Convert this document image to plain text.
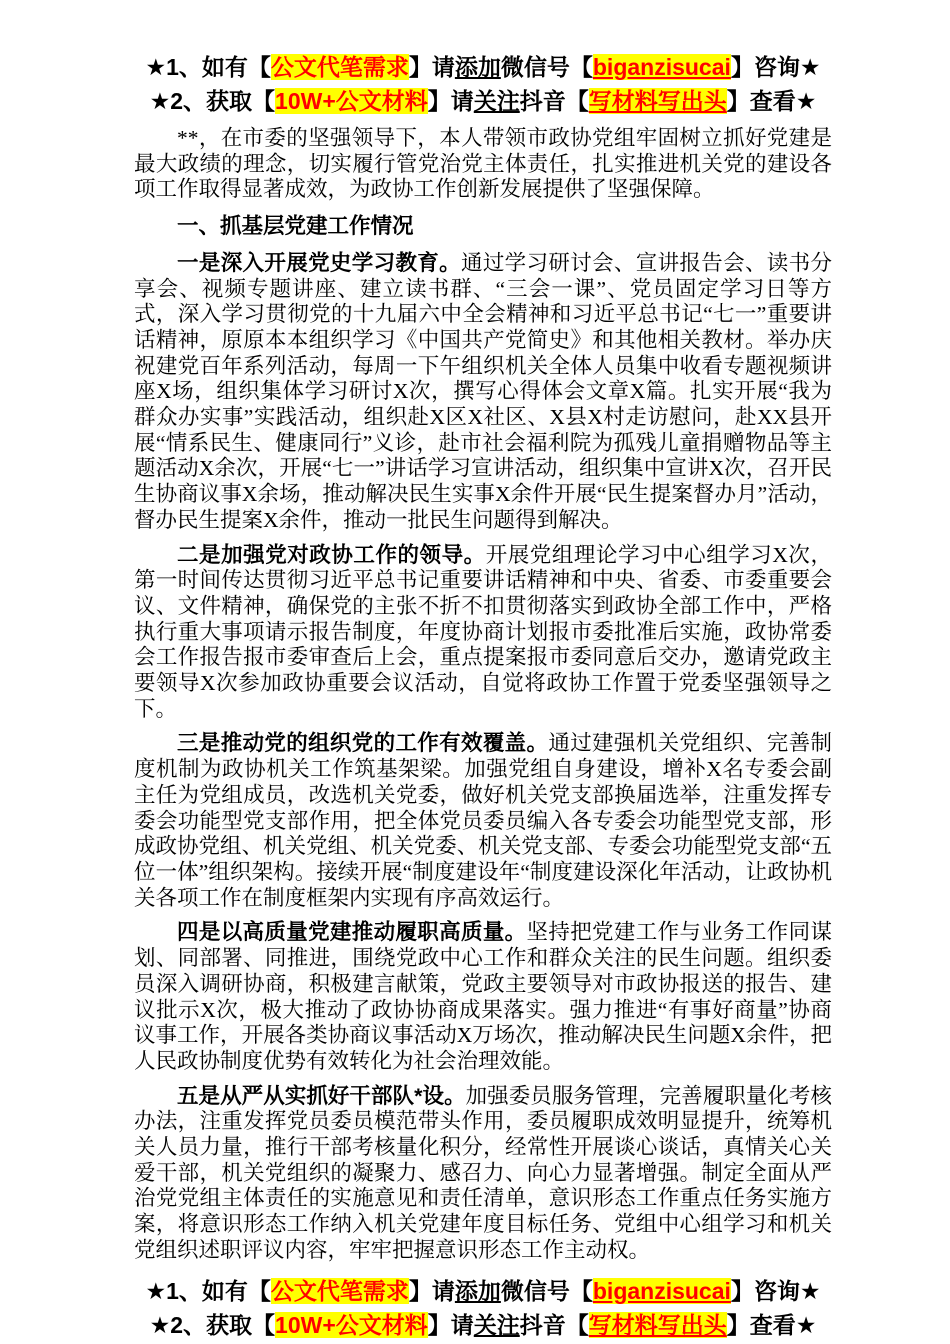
★1、如有【公文代笔需求】请添加微信号【biganzisucai】咨询★

★2、获取【10W+公文材料】请关注抖音【写材料写出头】查看★

**，在市委的坚强领导下，本人带领市政协党组牢固树立抓好党建是最大政绩的理念，切实履行管党治党主体责任，扎实推进机关党的建设各项工作取得显著成效，为政协工作创新发展提供了坚强保障。

一、抓基层党建工作情况

一是深入开展党史学习教育。通过学习研讨会、宣讲报告会、读书分享会、视频专题讲座、建立读书群、“三会一课”、党员固定学习日等方式，深入学习贯彻党的十九届六中全会精神和习近平总书记“七一”重要讲话精神，原原本本组织学习《中国共产党简史》和其他相关教材。举办庆祝建党百年系列活动，每周一下午组织机关全体人员集中收看专题视频讲座X场，组织集体学习研讨X次，撰写心得体会文章X篇。扎实开展“我为群众办实事”实践活动，组织赴X区X社区、X县X村走访慰问，赴XX县开展“情系民生、健康同行”义诊，赴市社会福利院为孤残儿童捐赠物品等主题活动X余次，开展“七一”讲话学习宣讲活动，组织集中宣讲X次，召开民生协商议事X余场，推动解决民生实事X余件开展“民生提案督办月”活动，督办民生提案X余件，推动一批民生问题得到解决。

二是加强党对政协工作的领导。开展党组理论学习中心组学习X次，第一时间传达贯彻习近平总书记重要讲话精神和中央、省委、市委重要会议、文件精神，确保党的主张不折不扣贯彻落实到政协全部工作中，严格执行重大事项请示报告制度，年度协商计划报市委批准后实施，政协常委会工作报告报市委审查后上会，重点提案报市委同意后交办，邀请党政主要领导X次参加政协重要会议活动，自觉将政协工作置于党委坚强领导之下。

三是推动党的组织党的工作有效覆盖。通过建强机关党组织、完善制度机制为政协机关工作筑基架梁。加强党组自身建设，增补X名专委会副主任为党组成员，改选机关党委，做好机关党支部换届选举，注重发挥专委会功能型党支部作用，把全体党员委员编入各专委会功能型党支部，形成政协党组、机关党组、机关党委、机关党支部、专委会功能型党支部“五位一体”组织架构。接续开展“制度建设年“制度建设深化年活动，让政协机关各项工作在制度框架内实现有序高效运行。

四是以高质量党建推动履职高质量。坚持把党建工作与业务工作同谋划、同部署、同推进，围绕党政中心工作和群众关注的民生问题。组织委员深入调研协商，积极建言献策，党政主要领导对市政协报送的报告、建议批示X次，极大推动了政协协商成果落实。强力推进“有事好商量”协商议事工作，开展各类协商议事活动X万场次，推动解决民生问题X余件，把人民政协制度优势有效转化为社会治理效能。

五是从严从实抓好干部队*设。加强委员服务管理，完善履职量化考核办法，注重发挥党员委员模范带头作用，委员履职成效明显提升，统筹机关人员力量，推行干部考核量化积分，经常性开展谈心谈话，真情关心关爱干部，机关党组织的凝聚力、感召力、向心力显著增强。制定全面从严治党党组主体责任的实施意见和责任清单，意识形态工作重点任务实施方案，将意识形态工作纳入机关党建年度目标任务、党组中心组学习和机关党组织述职评议内容，牢牢把握意识形态工作主动权。

★1、如有【公文代笔需求】请添加微信号【biganzisucai】咨询★

★2、获取【10W+公文材料】请关注抖音【写材料写出头】查看★
